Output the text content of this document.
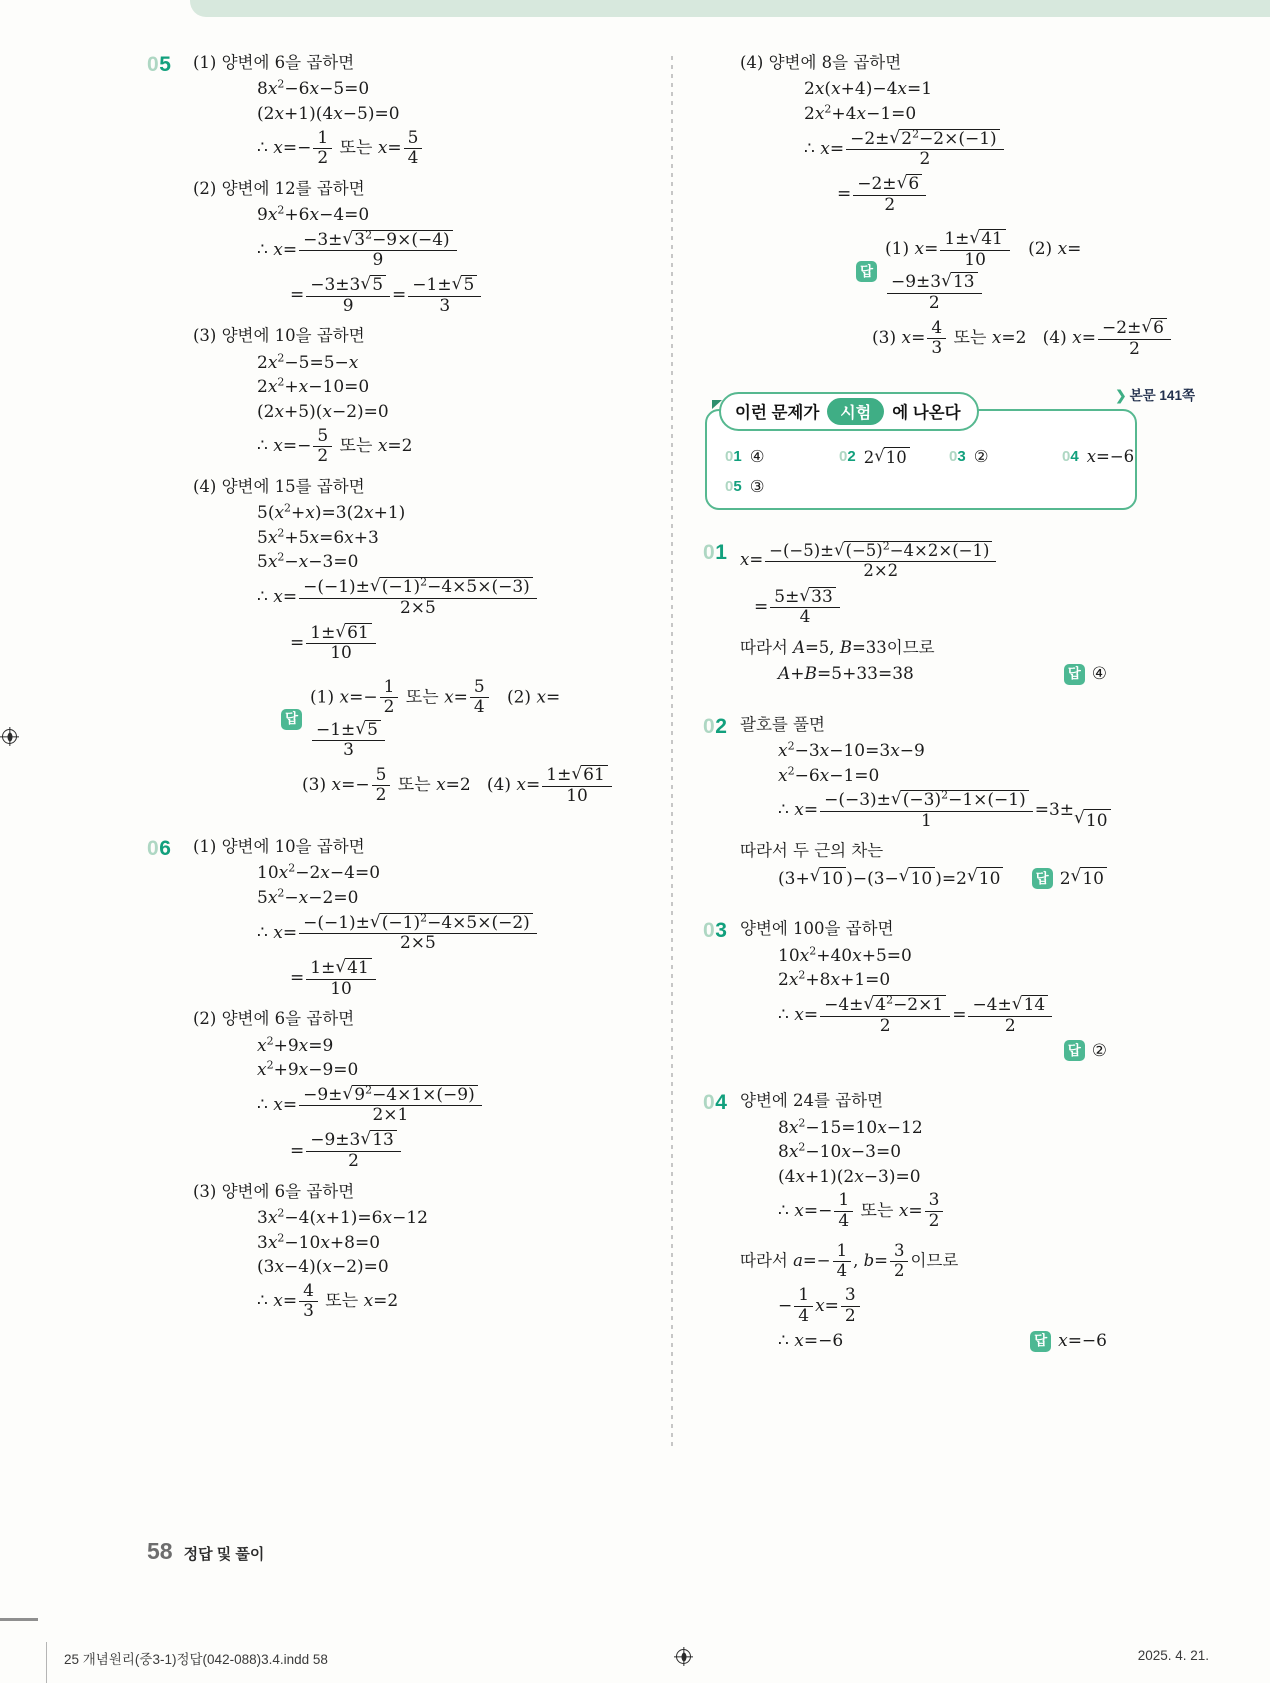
05	(1) 양변에 6을 곱하면
$8x^2-6x-5=0$
(2x+1)(4x−5)=0
∴ $x=- \frac{1}{2}$ 또는 $x= \frac{5}{4}$
(2) 양변에 12를 곱하면
$9x^2+6x-4=0$
∴ $x= \frac{-3\pm √ 3^2-9\times(-4)}{9}$
= $\frac{-3\pm 3 √ 5}{9} = \frac{-1\pm √ 5}{3}$
(3) 양변에 10을 곱하면
$2x^2-5=5-x$
$2x^2+x-10=0$
(2x+5)(x−2)=0
∴ $x=- \frac{5}{2}$ 또는 x=2
(4) 양변에 15를 곱하면
$5(x^2+x)=3(2x+1)$
$5x^2+5x=6x+3$
$5x^2-x-3=0$
∴ $x= \frac{-(-1)\pm √ (-1)^2-4\times 5\times(-3)}{2\times 5}$
= $\frac{1\pm √ 61}{10}$
답
(1) $x=- \frac{1}{2}$ 또는 $x= \frac{5}{4} (2)$ x=
$\frac{-1\pm √ 5}{3}$
(3) $x=- \frac{5}{2}$ 또는 x=2   (4) $x= \frac{1\pm √ 61}{10}$
06	(1) 양변에 10을 곱하면
$10x^2-2x-4=0$
$5x^2-x-2=0$
∴ $x= \frac{-(-1)\pm √ (-1)^2-4\times 5\times(-2)}{2\times 5}$
= $\frac{1\pm √ 41}{10}$
(2) 양변에 6을 곱하면
$x^2+9x=9$
$x^2+9x-9=0$
∴ $x= \frac{-9\pm √ 9^2-4\times 1\times(-9)}{2\times 1}$
= $\frac{-9\pm 3 √ 13}{2}$
(3) 양변에 6을 곱하면
$3x^2-4(x+1)=6x-12$
$3x^2-10x+8=0$
(3x−4)(x−2)=0
∴ $x= \frac{4}{3}$ 또는 x=2
(4) 양변에 8을 곱하면
2x(x+4)−4x=1
$2x^2+4x-1=0$
∴ $x= \frac{-2\pm √ 2^2-2\times(-1)}{2}$
= $\frac{-2\pm √ 6}{2}$
답
(1) $x= \frac{1\pm √ 41}{10} (2)$ x=
$\frac{-9\pm 3 √ 13}{2}$
(3) $x= \frac{4}{3}$ 또는 x=2   (4) $x= \frac{-2\pm √ 6}{2}$
❯ 본문 141쪽
이런 문제가	시험	에 나온다
01 ④	02 2 √ 10	03 ②	04 x=−6
05 ③
01 $x= \frac{-(-5)\pm √ (-5)^2-4\times 2\times(-1)}{2\times 2}$
= $\frac{5\pm √ 33}{4}$
따라서 A=5, B=33이므로
A+B=5+33=38	답 ④
02 괄호를 풀면
$x^2-3x-10=3x-9$
$x^2-6x-1=0$
∴ $x= \frac{-(-3)\pm √ (-3)^2-1\times(-1)}{1} =3\pm$ √ 10
따라서 두 근의 차는
(3+ √ 10 )−(3− √ 10 )=2 √ 10	답 2 √ 10
03 양변에 100을 곱하면
$10x^2+40x+5=0$
$2x^2+8x+1=0$
∴ $x= \frac{-4\pm √ 4^2-2\times 1}{2} = \frac{-4\pm √ 14}{2}$
답 ②
04 양변에 24를 곱하면
$8x^2-15=10x-12$
$8x^2-10x-3=0$
(4x+1)(2x−3)=0
∴ $x=- \frac{1}{4}$ 또는 $x= \frac{3}{2}$
따라서 $a=- \frac{1}{4}$ , $b= \frac{3}{2}$ 이므로
− $\frac{1}{4} x= \frac{3}{2}$
∴ x=−6	답 x=−6
58 정답 및 풀이
25 개념원리(중3-1)정답(042-088)3.4.indd 58	2025. 4. 21.
